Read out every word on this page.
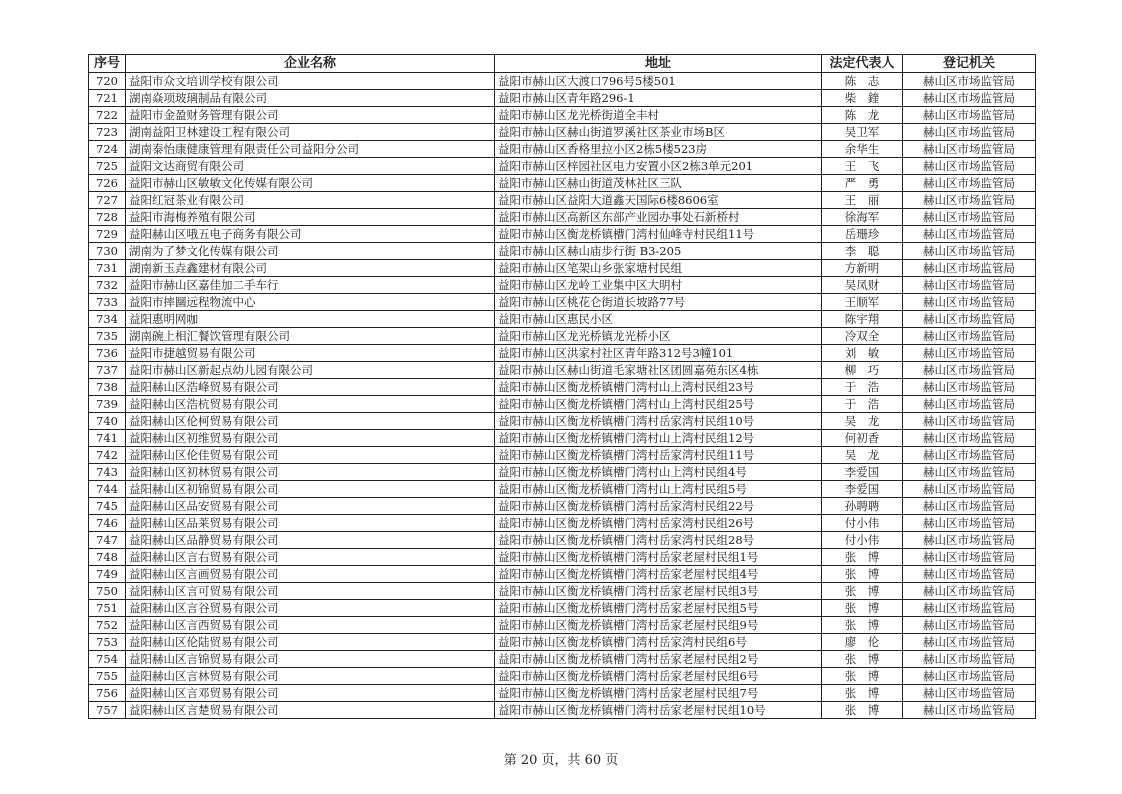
序号	企业名称	地址	法定代表人	登记机关
720	益阳市众文培训学校有限公司	益阳市赫山区大渡口796号5楼501	陈　志	赫山区市场监管局
721	湖南焱项玻璃制品有限公司	益阳市赫山区青年路296-1	柴　鍷	赫山区市场监管局
722	益阳市金盈财务管理有限公司	益阳市赫山区龙光桥街道全丰村	陈　龙	赫山区市场监管局
723	湖南益阳卫林建设工程有限公司	益阳市赫山区赫山街道罗溪社区茶业市场B区	吴卫军	赫山区市场监管局
724	湖南泰怡康健康管理有限责任公司益阳分公司	益阳市赫山区香格里拉小区2栋5楼523房	余华生	赫山区市场监管局
725	益阳文达商贸有限公司	益阳市赫山区梓园社区电力安置小区2栋3单元201	王　飞	赫山区市场监管局
726	益阳市赫山区敏敏文化传媒有限公司	益阳市赫山区赫山街道茂林社区三队	严　勇	赫山区市场监管局
727	益阳红冠茶业有限公司	益阳市赫山区益阳大道鑫天国际6楼8606室	王　丽	赫山区市场监管局
728	益阳市海梅养殖有限公司	益阳市赫山区高新区东部产业园办事处石新桥村	徐海军	赫山区市场监管局
729	益阳赫山区哦五电子商务有限公司	益阳市赫山区衡龙桥镇槽门湾村仙峰寺村民组11号	岳珊珍	赫山区市场监管局
730	湖南为了梦文化传媒有限公司	益阳市赫山区赫山庙步行街 B3-205	李　聪	赫山区市场监管局
731	湖南新玉垚鑫建材有限公司	益阳市赫山区笔架山乡张家塘村民组	方新明	赫山区市场监管局
732	益阳市赫山区嘉佳加二手车行	益阳市赫山区龙岭工业集中区大明村	吴凤财	赫山区市场监管局
733	益阳市摔圝远程物流中心	益阳市赫山区桃花仑街道长坡路77号	王顺军	赫山区市场监管局
734	益阳惠明网咖	益阳市赫山区惠民小区	陈宇翔	赫山区市场监管局
735	湖南碗上相汇餐饮管理有限公司	益阳市赫山区龙光桥镇龙光桥小区	冷双全	赫山区市场监管局
736	益阳市捷越贸易有限公司	益阳市赫山区洪家村社区青年路312号3幢101	刘　敏	赫山区市场监管局
737	益阳市赫山区新起点幼儿园有限公司	益阳市赫山区赫山街道毛家塘社区团圆嘉苑东区4栋	柳　巧	赫山区市场监管局
738	益阳赫山区浩峰贸易有限公司	益阳市赫山区衡龙桥镇槽门湾村山上湾村民组23号	于　浩	赫山区市场监管局
739	益阳赫山区浩杭贸易有限公司	益阳市赫山区衡龙桥镇槽门湾村山上湾村民组25号	于　浩	赫山区市场监管局
740	益阳赫山区伦柯贸易有限公司	益阳市赫山区衡龙桥镇槽门湾村岳家湾村民组10号	吴　龙	赫山区市场监管局
741	益阳赫山区初维贸易有限公司	益阳市赫山区衡龙桥镇槽门湾村山上湾村民组12号	何初香	赫山区市场监管局
742	益阳赫山区伦佳贸易有限公司	益阳市赫山区衡龙桥镇槽门湾村岳家湾村民组11号	吴　龙	赫山区市场监管局
743	益阳赫山区初林贸易有限公司	益阳市赫山区衡龙桥镇槽门湾村山上湾村民组4号	李爱国	赫山区市场监管局
744	益阳赫山区初锦贸易有限公司	益阳市赫山区衡龙桥镇槽门湾村山上湾村民组5号	李爱国	赫山区市场监管局
745	益阳赫山区品安贸易有限公司	益阳市赫山区衡龙桥镇槽门湾村岳家湾村民组22号	孙聘聘	赫山区市场监管局
746	益阳赫山区品莱贸易有限公司	益阳市赫山区衡龙桥镇槽门湾村岳家湾村民组26号	付小伟	赫山区市场监管局
747	益阳赫山区品静贸易有限公司	益阳市赫山区衡龙桥镇槽门湾村岳家湾村民组28号	付小伟	赫山区市场监管局
748	益阳赫山区言右贸易有限公司	益阳市赫山区衡龙桥镇槽门湾村岳家老屋村民组1号	张　博	赫山区市场监管局
749	益阳赫山区言画贸易有限公司	益阳市赫山区衡龙桥镇槽门湾村岳家老屋村民组4号	张　博	赫山区市场监管局
750	益阳赫山区言可贸易有限公司	益阳市赫山区衡龙桥镇槽门湾村岳家老屋村民组3号	张　博	赫山区市场监管局
751	益阳赫山区言谷贸易有限公司	益阳市赫山区衡龙桥镇槽门湾村岳家老屋村民组5号	张　博	赫山区市场监管局
752	益阳赫山区言西贸易有限公司	益阳市赫山区衡龙桥镇槽门湾村岳家老屋村民组9号	张　博	赫山区市场监管局
753	益阳赫山区伦陆贸易有限公司	益阳市赫山区衡龙桥镇槽门湾村岳家湾村民组6号	廖　伦	赫山区市场监管局
754	益阳赫山区言锦贸易有限公司	益阳市赫山区衡龙桥镇槽门湾村岳家老屋村民组2号	张　博	赫山区市场监管局
755	益阳赫山区言林贸易有限公司	益阳市赫山区衡龙桥镇槽门湾村岳家老屋村民组6号	张　博	赫山区市场监管局
756	益阳赫山区言邓贸易有限公司	益阳市赫山区衡龙桥镇槽门湾村岳家老屋村民组7号	张　博	赫山区市场监管局
757	益阳赫山区言楚贸易有限公司	益阳市赫山区衡龙桥镇槽门湾村岳家老屋村民组10号	张　博	赫山区市场监管局
第 20 页，共 60 页
